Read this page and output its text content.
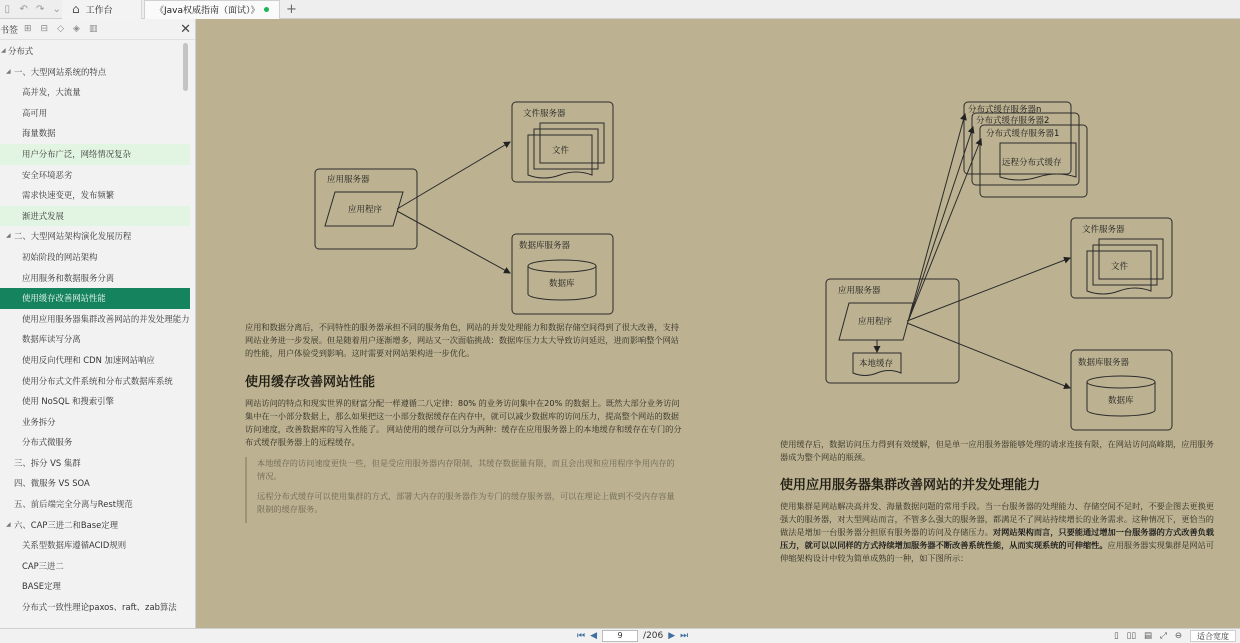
▯ ↶ ↷ ⌄ ⌂ 工作台	《Java权威指南（面试）》 +
书签 ⊞ ⊟ ◇ ◈ ▥	✕
◢ 分布式
◢ 一、大型网站系统的特点
高并发，大流量
高可用
海量数据
用户分布广泛，网络情况复杂
安全环境恶劣
需求快速变更，发布频繁
渐进式发展
◢ 二、大型网站架构演化发展历程
初始阶段的网站架构
应用服务和数据服务分离
使用缓存改善网站性能
使用应用服务器集群改善网站的并发处理能力
数据库读写分离
使用反向代理和 CDN 加速网站响应
使用分布式文件系统和分布式数据库系统
使用 NoSQL 和搜索引擎
业务拆分
分布式微服务
三、拆分 VS 集群
四、微服务 VS SOA
五、前后端完全分离与Rest规范
◢ 六、CAP三进二和Base定理
关系型数据库遵循ACID规则
CAP三进二
BASE定理
分布式一致性理论paxos、raft、zab算法
应用服务器
应用程序
文件服务器
文件
数据库服务器
数据库
分布式缓存服务器n
分布式缓存服务器2
分布式缓存服务器1
远程分布式缓存
文件服务器
文件
应用服务器
应用程序
本地缓存	数据库服务器
数据库
应用和数据分离后，不同特性的服务器承担不同的服务角色，网站的并发处理能力和数据存储空间得到了很大改善，支持网站业务进一步发展。但是随着用户逐渐增多，网站又一次面临挑战：数据库压力太大导致访问延迟，进而影响整个网站的性能，用户体验受到影响。这时需要对网站架构进一步优化。
使用缓存改善网站性能
网站访问的特点和现实世界的财富分配一样遵循二八定律：80% 的业务访问集中在20% 的数据上。既然大部分业务访问集中在一小部分数据上，那么如果把这一小部分数据缓存在内存中，就可以减少数据库的访问压力，提高整个网站的数据访问速度，改善数据库的写入性能了。 网站使用的缓存可以分为两种：缓存在应用服务器上的本地缓存和缓存在专门的分布式缓存服务器上的远程缓存。

本地缓存的访问速度更快一些，但是受应用服务器内存限制，其缓存数据量有限，而且会出现和应用程序争用内存的情况。

远程分布式缓存可以使用集群的方式，部署大内存的服务器作为专门的缓存服务器，可以在理论上做到不受内存容量限制的缓存服务。

使用缓存后，数据访问压力得到有效缓解，但是单一应用服务器能够处理的请求连接有限，在网站访问高峰期，应用服务器成为整个网站的瓶颈。
使用应用服务器集群改善网站的并发处理能力
使用集群是网站解决高并发、海量数据问题的常用手段。当一台服务器的处理能力、存储空间不足时，不要企图去更换更强大的服务器，对大型网站而言，不管多么强大的服务器，都满足不了网站持续增长的业务需求。这种情况下，更恰当的做法是增加一台服务器分担原有服务器的访问及存储压力。对网站架构而言，只要能通过增加一台服务器的方式改善负载压力，就可以以同样的方式持续增加服务器不断改善系统性能，从而实现系统的可伸缩性。应用服务器实现集群是网站可伸缩架构设计中较为简单成熟的一种，如下图所示：
⏮ ◀	9	/206 ▶ ⏭	▯ ▯▯ ▤ ⤢ ⊖	适合宽度
